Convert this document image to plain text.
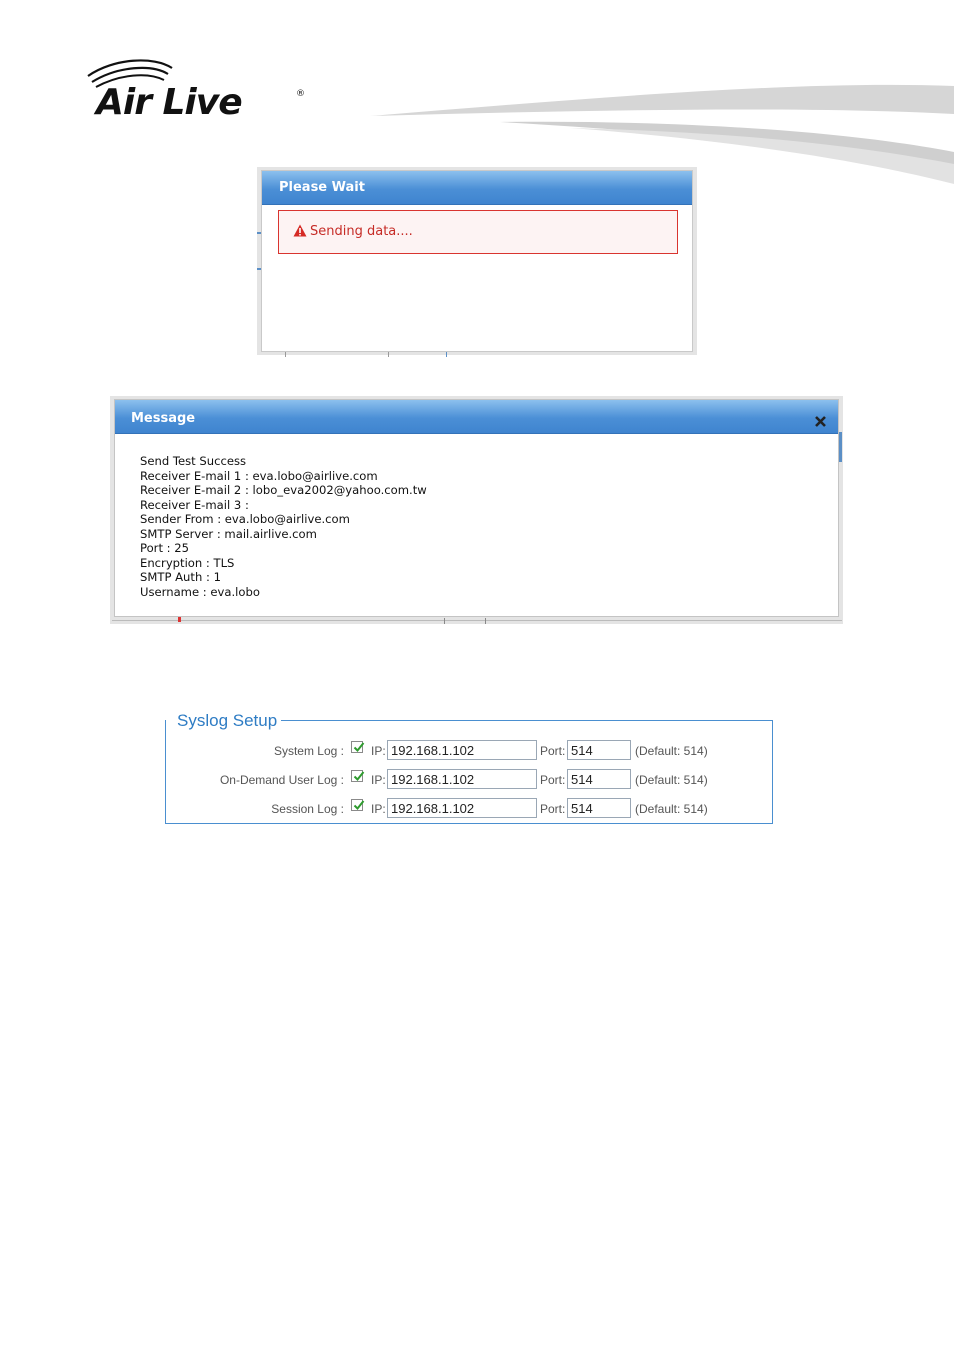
Air Live	®
Please Wait
Sending data....
Message
Send Test Success
Receiver E-mail 1 : eva.lobo@airlive.com
Receiver E-mail 2 : lobo_eva2002@yahoo.com.tw
Receiver E-mail 3 :
Sender From : eva.lobo@airlive.com
SMTP Server : mail.airlive.com
Port : 25
Encryption : TLS
SMTP Auth : 1
Username : eva.lobo
Syslog Setup
System Log : IP: 192.168.1.102	Port: 514	(Default: 514)
On-Demand User Log : IP: 192.168.1.102	Port: 514	(Default: 514)
Session Log : IP: 192.168.1.102	Port: 514	(Default: 514)
